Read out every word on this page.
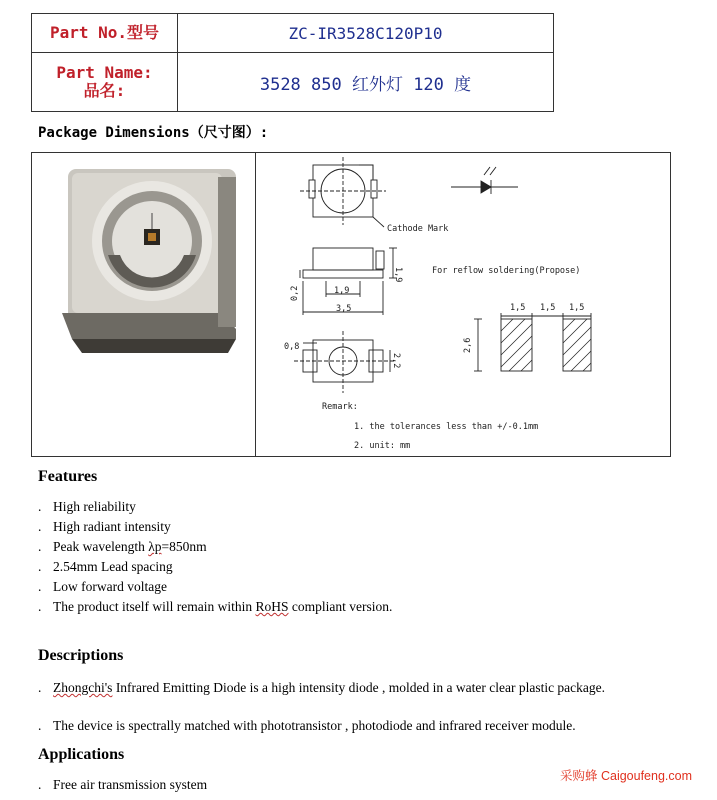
Part No.型号	ZC-IR3528C120P10

Part Name:
品名:	3528 850 红外灯 120 度
Package Dimensions（尺寸图）:
Cathode Mark
For reflow soldering(Propose)
1,9
0,2	1,9
3,5
0,8
2,2
1,5 1,5 1,5
2,6
Remark:
1. the tolerances less than +/-0.1mm
2. unit: mm
Features
. High reliability
. High radiant intensity
. Peak wavelength λp=850nm
. 2.54mm Lead spacing
. Low forward voltage
. The product itself will remain within RoHS compliant version.
Descriptions
. Zhongchi's Infrared Emitting Diode is a high intensity diode , molded in a water clear plastic package.
. The device is spectrally matched with phototransistor , photodiode and infrared receiver module.
Applications
. Free air transmission system
采购蜂 Caigoufeng.com
